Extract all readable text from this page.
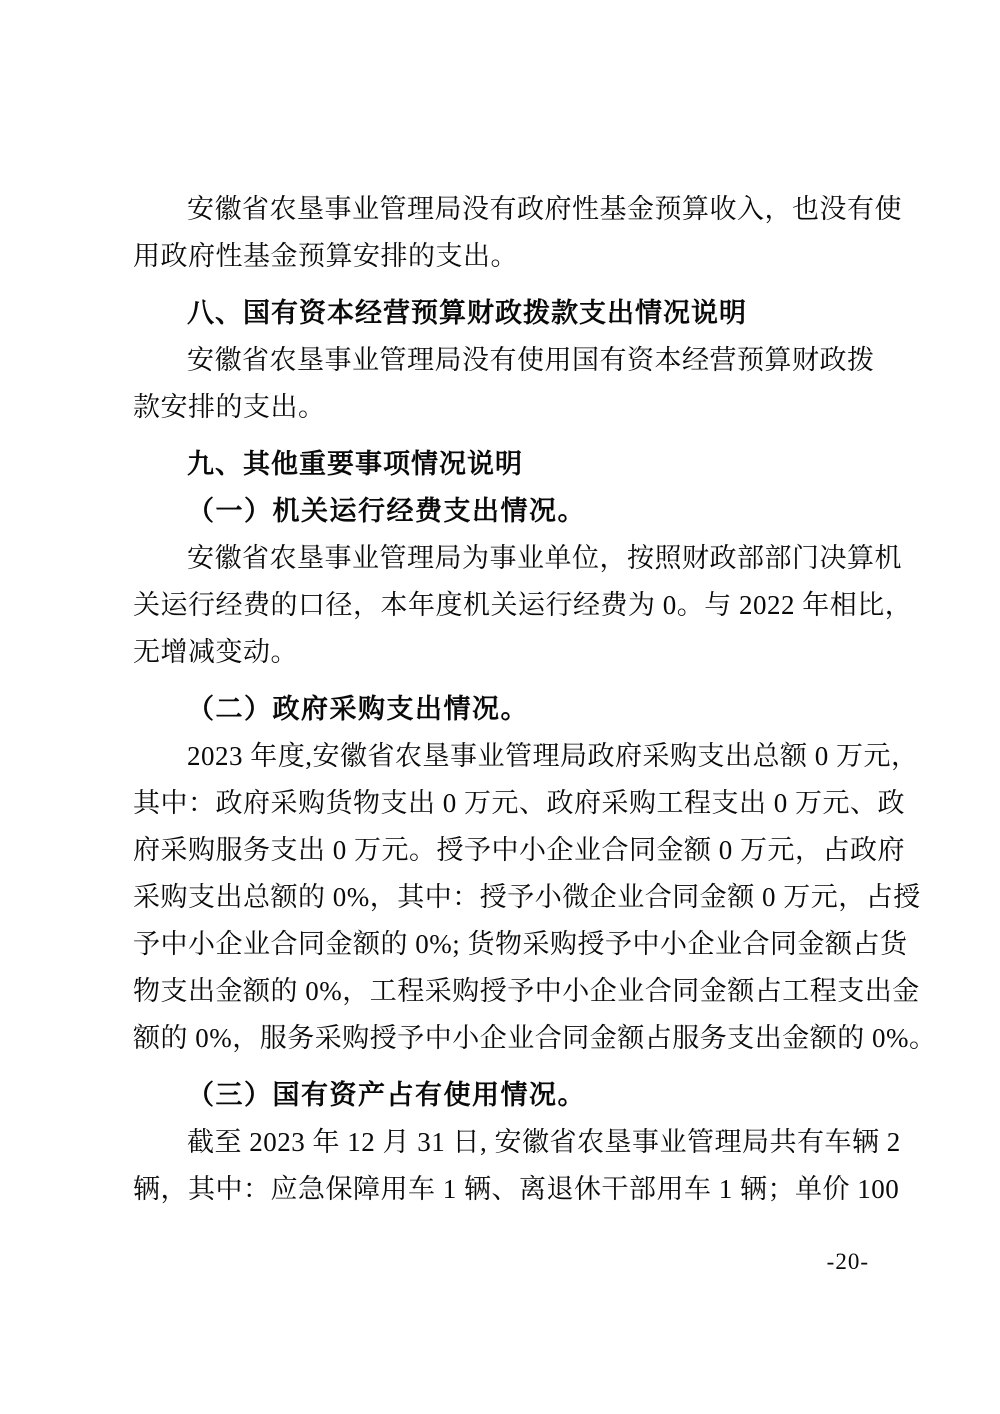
安徽省农垦事业管理局没有政府性基金预算收入，也没有使
用政府性基金预算安排的支出。
八、国有资本经营预算财政拨款支出情况说明
安徽省农垦事业管理局没有使用国有资本经营预算财政拨
款安排的支出。
九、其他重要事项情况说明
（一）机关运行经费支出情况。
安徽省农垦事业管理局为事业单位，按照财政部部门决算机
关运行经费的口径，本年度机关运行经费为 0。与 2022 年相比，
无增减变动。
（二）政府采购支出情况。
2023 年度,安徽省农垦事业管理局政府采购支出总额 0 万元，
其中：政府采购货物支出 0 万元、政府采购工程支出 0 万元、政
府采购服务支出 0 万元。授予中小企业合同金额 0 万元，占政府
采购支出总额的 0%，其中：授予小微企业合同金额 0 万元，占授
予中小企业合同金额的 0%; 货物采购授予中小企业合同金额占货
物支出金额的 0%，工程采购授予中小企业合同金额占工程支出金
额的 0%，服务采购授予中小企业合同金额占服务支出金额的 0%。
（三）国有资产占有使用情况。
截至 2023 年 12 月 31 日, 安徽省农垦事业管理局共有车辆 2
辆，其中：应急保障用车 1 辆、离退休干部用车 1 辆；单价 100
-20-
